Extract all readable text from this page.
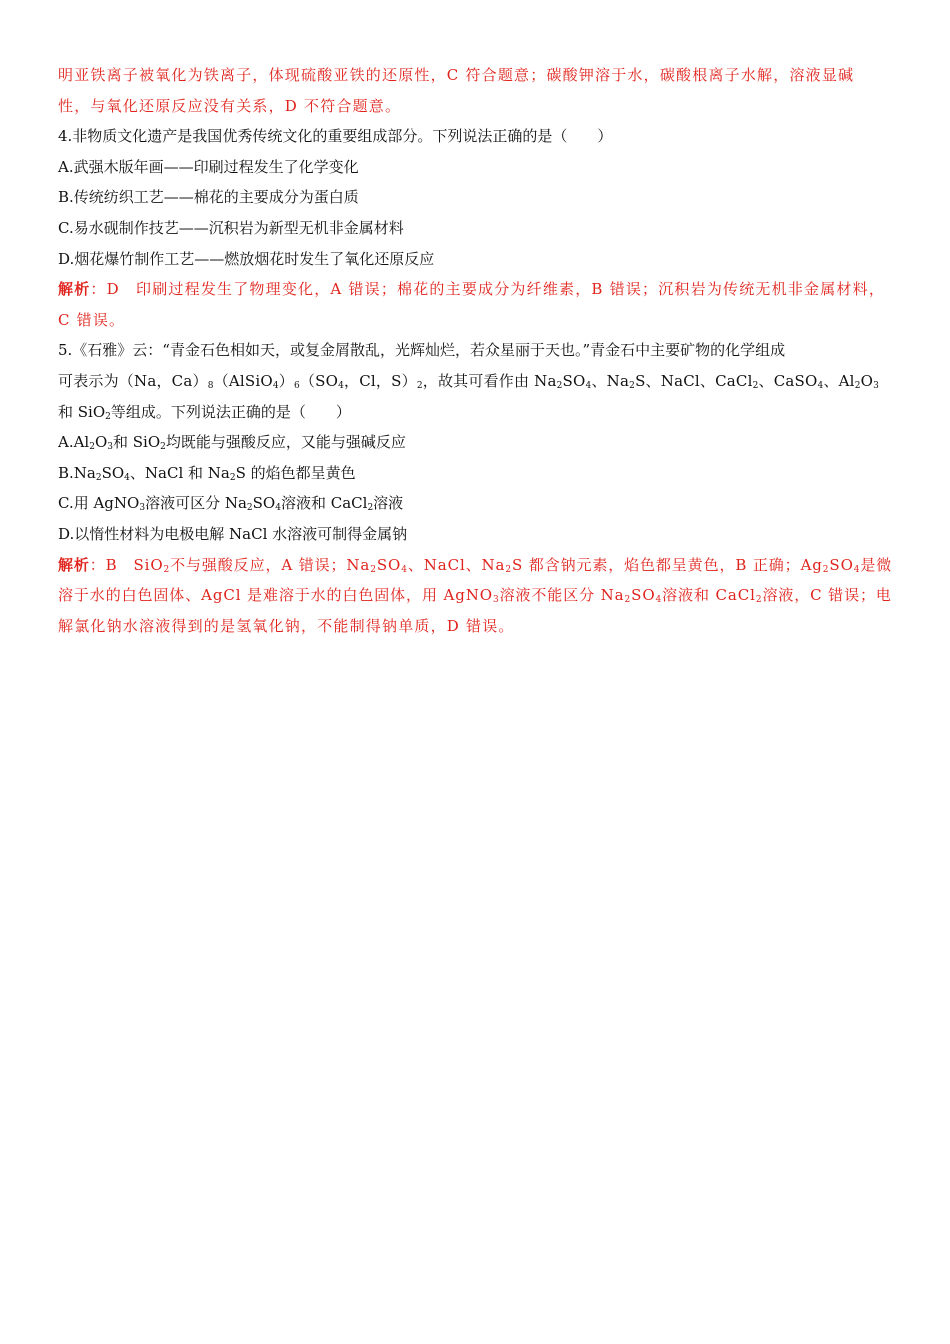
明亚铁离子被氧化为铁离子，体现硫酸亚铁的还原性，C 符合题意；碳酸钾溶于水，碳酸根离子水解，溶液显碱
性，与氧化还原反应没有关系，D 不符合题意。
4.非物质文化遗产是我国优秀传统文化的重要组成部分。下列说法正确的是（　　）
A.武强木版年画——印刷过程发生了化学变化
B.传统纺织工艺——棉花的主要成分为蛋白质
C.易水砚制作技艺——沉积岩为新型无机非金属材料
D.烟花爆竹制作工艺——燃放烟花时发生了氧化还原反应
解析：D　印刷过程发生了物理变化，A 错误；棉花的主要成分为纤维素，B 错误；沉积岩为传统无机非金属材料，
C 错误。
5.《石雅》云：“青金石色相如天，或复金屑散乱，光辉灿烂，若众星丽于天也。”青金石中主要矿物的化学组成
可表示为（Na，$Ca)_8(AlSiO_4)_6(SO_4$，Cl，$S)_2$，故其可看作由 $Na_2SO_4$、$Na_2S$、NaCl、CaCl$_2$、CaSO$_4$、$Al_2O_3$
和 SiO$_2$等组成。下列说法正确的是（　　）
$A.Al_2O_3$和 SiO$_2$均既能与强酸反应，又能与强碱反应
$B.Na_2SO_4$、NaCl 和 $Na_2S$ 的焰色都呈黄色
C.用 AgNO$_3$溶液可区分 $Na_2SO_4$溶液和 CaCl$_2$溶液
D.以惰性材料为电极电解 NaCl 水溶液可制得金属钠
解析：B　SiO$_2$不与强酸反应，A 错误；$Na_2SO_4$、NaCl、$Na_2S$ 都含钠元素，焰色都呈黄色，B 正确；$Ag_2SO_4$是微
溶于水的白色固体、AgCl 是难溶于水的白色固体，用 AgNO$_3$溶液不能区分 $Na_2SO_4$溶液和 CaCl$_2$溶液，C 错误；电
解氯化钠水溶液得到的是氢氧化钠，不能制得钠单质，D 错误。
